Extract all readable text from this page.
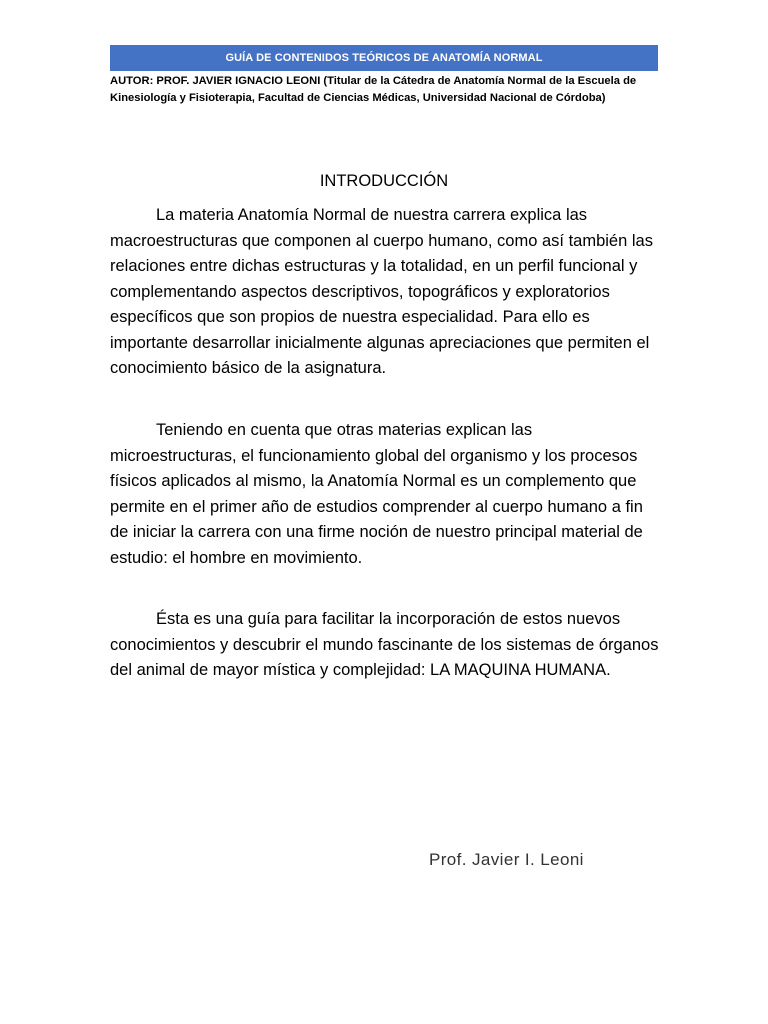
GUÍA DE CONTENIDOS TEÓRICOS DE ANATOMÍA NORMAL
AUTOR: PROF. JAVIER IGNACIO LEONI (Titular de la Cátedra de Anatomía Normal de la Escuela de Kinesiología y Fisioterapia, Facultad de Ciencias Médicas, Universidad Nacional de Córdoba)
INTRODUCCIÓN

La materia Anatomía Normal de nuestra carrera explica las macroestructuras que componen al cuerpo humano, como así también las relaciones entre dichas estructuras y la totalidad, en un perfil funcional y complementando aspectos descriptivos, topográficos y exploratorios específicos que son propios de nuestra especialidad. Para ello es importante desarrollar inicialmente algunas apreciaciones que permiten el conocimiento básico de la asignatura.

Teniendo en cuenta que otras materias explican las microestructuras, el funcionamiento global del organismo y los procesos físicos aplicados al mismo, la Anatomía Normal es un complemento que permite en el primer año de estudios comprender al cuerpo humano a fin de iniciar la carrera con una firme noción de nuestro principal material de estudio: el hombre en movimiento.

Ésta es una guía para facilitar la incorporación de estos nuevos conocimientos y descubrir el mundo fascinante de los sistemas de órganos del animal de mayor mística y complejidad: LA MAQUINA HUMANA.

Prof. Javier I. Leoni
